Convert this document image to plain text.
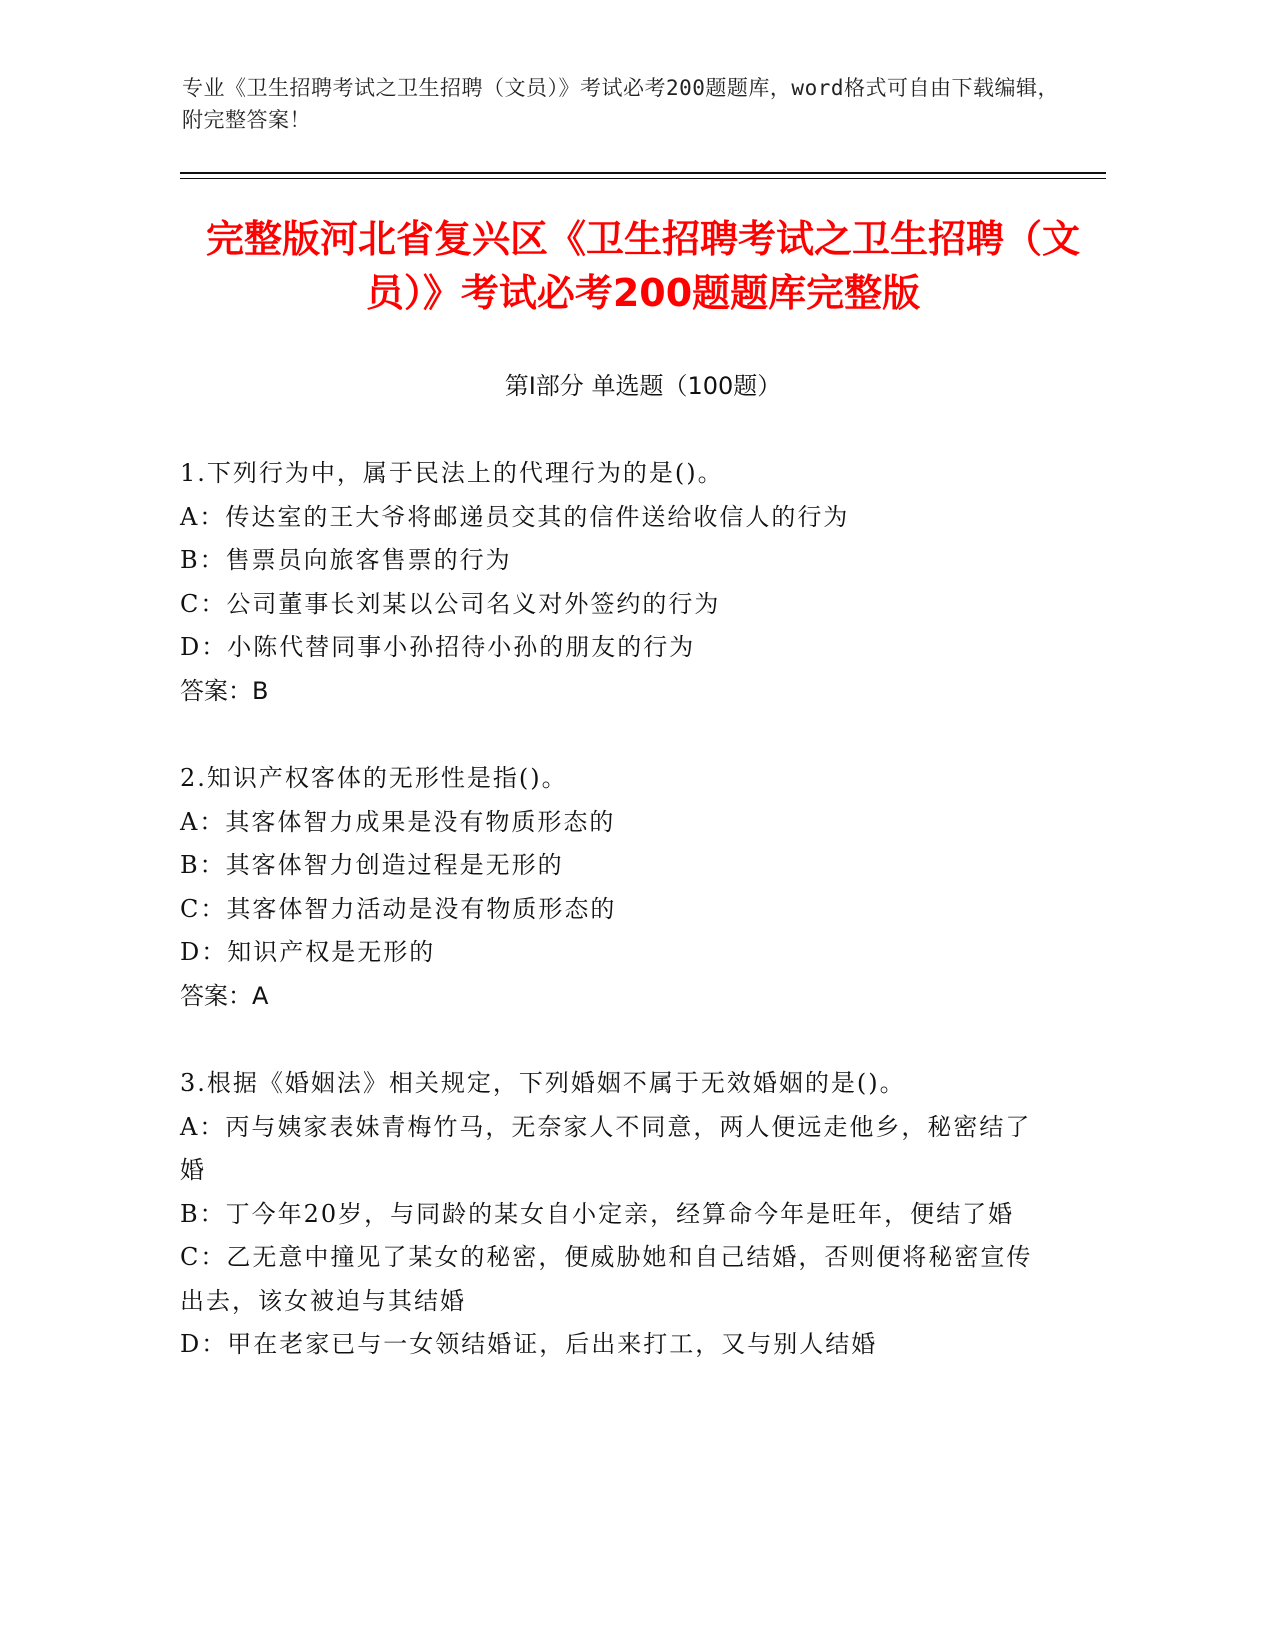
专业《卫生招聘考试之卫生招聘（文员）》考试必考200题题库，word格式可自由下载编辑，附完整答案！
完整版河北省复兴区《卫生招聘考试之卫生招聘（文员）》考试必考200题题库完整版
第I部分 单选题（100题）
1.下列行为中，属于民法上的代理行为的是()。
A：传达室的王大爷将邮递员交其的信件送给收信人的行为
B：售票员向旅客售票的行为
C：公司董事长刘某以公司名义对外签约的行为
D：小陈代替同事小孙招待小孙的朋友的行为
答案：B
2.知识产权客体的无形性是指()。
A：其客体智力成果是没有物质形态的
B：其客体智力创造过程是无形的
C：其客体智力活动是没有物质形态的
D：知识产权是无形的
答案：A
3.根据《婚姻法》相关规定，下列婚姻不属于无效婚姻的是()。
A：丙与姨家表妹青梅竹马，无奈家人不同意，两人便远走他乡，秘密结了婚
B：丁今年20岁，与同龄的某女自小定亲，经算命今年是旺年，便结了婚
C：乙无意中撞见了某女的秘密，便威胁她和自己结婚，否则便将秘密宣传出去，该女被迫与其结婚
D：甲在老家已与一女领结婚证，后出来打工，又与别人结婚
